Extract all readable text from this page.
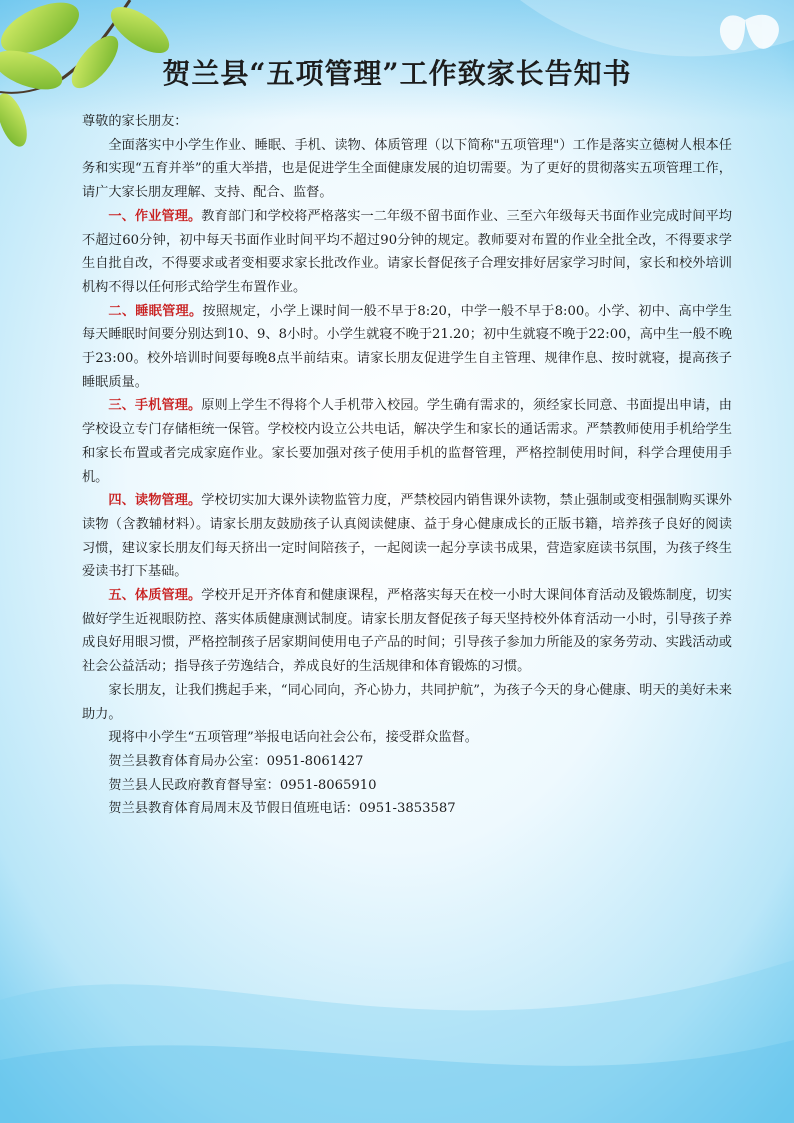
贺兰县“五项管理”工作致家长告知书

尊敬的家长朋友：

全面落实中小学生作业、睡眠、手机、读物、体质管理（以下简称"五项管理"）工作是落实立德树人根本任务和实现“五育并举”的重大举措，也是促进学生全面健康发展的迫切需要。为了更好的贯彻落实五项管理工作，请广大家长朋友理解、支持、配合、监督。

一、作业管理。教育部门和学校将严格落实一二年级不留书面作业、三至六年级每天书面作业完成时间平均不超过60分钟，初中每天书面作业时间平均不超过90分钟的规定。教师要对布置的作业全批全改，不得要求学生自批自改，不得要求或者变相要求家长批改作业。请家长督促孩子合理安排好居家学习时间，家长和校外培训机构不得以任何形式给学生布置作业。

二、睡眠管理。按照规定，小学上课时间一般不早于8:20，中学一般不早于8:00。小学、初中、高中学生每天睡眠时间要分别达到10、9、8小时。小学生就寝不晚于21.20；初中生就寝不晚于22:00，高中生一般不晚于23:00。校外培训时间要每晚8点半前结束。请家长朋友促进学生自主管理、规律作息、按时就寝，提高孩子睡眠质量。

三、手机管理。原则上学生不得将个人手机带入校园。学生确有需求的，须经家长同意、书面提出申请，由学校设立专门存储柜统一保管。学校校内设立公共电话，解决学生和家长的通话需求。严禁教师使用手机给学生和家长布置或者完成家庭作业。家长要加强对孩子使用手机的监督管理，严格控制使用时间，科学合理使用手机。

四、读物管理。学校切实加大课外读物监管力度，严禁校园内销售课外读物，禁止强制或变相强制购买课外读物（含教辅材料）。请家长朋友鼓励孩子认真阅读健康、益于身心健康成长的正版书籍，培养孩子良好的阅读习惯，建议家长朋友们每天挤出一定时间陪孩子，一起阅读一起分享读书成果，营造家庭读书氛围，为孩子终生爱读书打下基础。

五、体质管理。学校开足开齐体育和健康课程，严格落实每天在校一小时大课间体育活动及锻炼制度，切实做好学生近视眼防控、落实体质健康测试制度。请家长朋友督促孩子每天坚持校外体育活动一小时，引导孩子养成良好用眼习惯，严格控制孩子居家期间使用电子产品的时间；引导孩子参加力所能及的家务劳动、实践活动或社会公益活动；指导孩子劳逸结合，养成良好的生活规律和体育锻炼的习惯。

家长朋友，让我们携起手来，“同心同向，齐心协力，共同护航”，为孩子今天的身心健康、明天的美好未来助力。

现将中小学生“五项管理”举报电话向社会公布，接受群众监督。

贺兰县教育体育局办公室：0951-8061427

贺兰县人民政府教育督导室：0951-8065910

贺兰县教育体育局周末及节假日值班电话：0951-3853587
